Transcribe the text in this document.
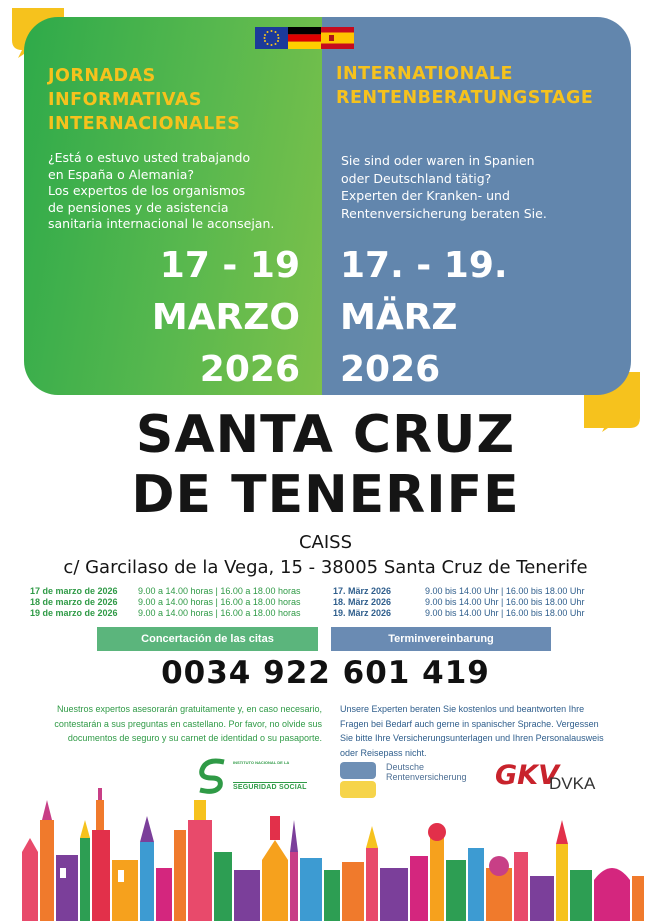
JORNADAS
INFORMATIVAS
INTERNACIONALES
INTERNATIONALE
RENTENBERATUNGSTAGE
¿Está o estuvo usted trabajando
en España o Alemania?
Los expertos de los organismos
de pensiones y de asistencia
sanitaria internacional le aconsejan.
Sie sind oder waren in Spanien
oder Deutschland tätig?
Experten der Kranken- und
Rentenversicherung beraten Sie.
17 - 19
MARZO
2026
17. - 19.
MÄRZ
2026
SANTA CRUZ
DE TENERIFE
CAISS
c/ Garcilaso de la Vega, 15 - 38005 Santa Cruz de Tenerife
17 de marzo de 2026	9.00 a 14.00 horas | 16.00 a 18.00 horas
18 de marzo de 2026	9.00 a 14.00 horas | 16.00 a 18.00 horas
19 de marzo de 2026	9.00 a 14.00 horas | 16.00 a 18.00 horas
17. März 2026	9.00 bis 14.00 Uhr | 16.00 bis 18.00 Uhr
18. März 2026	9.00 bis 14.00 Uhr | 16.00 bis 18.00 Uhr
19. März 2026	9.00 bis 14.00 Uhr | 16.00 bis 18.00 Uhr
Concertación de las citas	Terminvereinbarung
0034 922 601 419
Nuestros expertos asesorarán gratuitamente y, en caso necesario,
contestarán a sus preguntas en castellano. Por favor, no olvide sus
documentos de seguro y su carnet de identidad o su pasaporte.
Unsere Experten beraten Sie kostenlos und beantworten Ihre
Fragen bei Bedarf auch gerne in spanischer Sprache. Vergessen
Sie bitte Ihre Versicherungsunterlagen und Ihren Personalausweis
oder Reisepass nicht.
INSTITUTO NACIONAL DE LA
SEGURIDAD SOCIAL
Deutsche
Rentenversicherung GKV
DVKA
